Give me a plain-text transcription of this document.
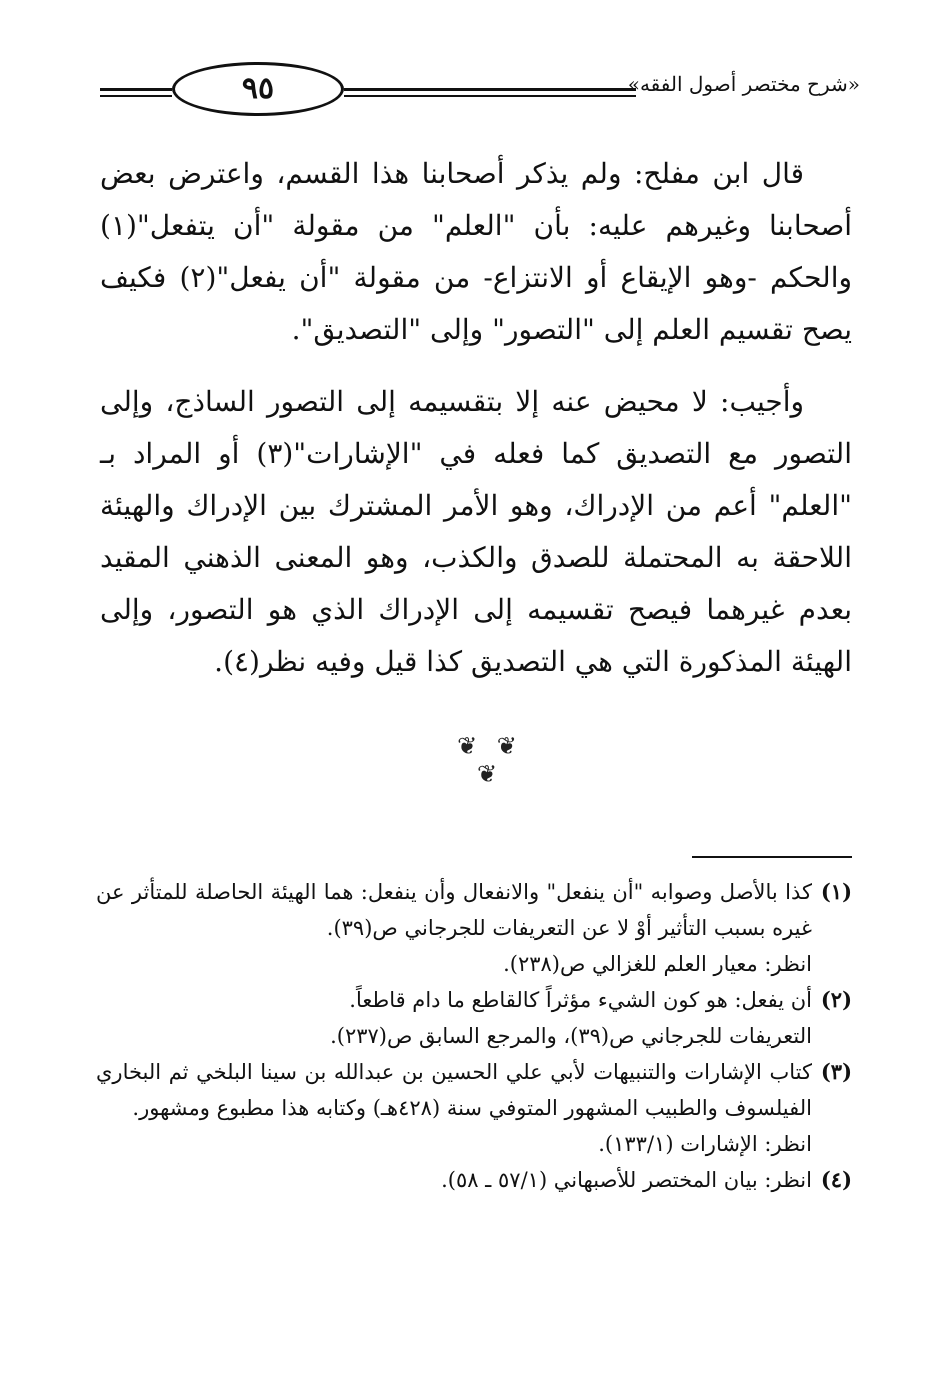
٩٥	«شرح مختصر أصول الفقه»

قال ابن مفلح: ولم يذكر أصحابنا هذا القسم، واعترض بعض أصحابنا وغيرهم عليه: بأن "العلم" من مقولة "أن يتفعل"(١) والحكم -وهو الإيقاع أو الانتزاع- من مقولة "أن يفعل"(٢) فكيف يصح تقسيم العلم إلى "التصور" وإلى "التصديق".

وأجيب: لا محيض عنه إلا بتقسيمه إلى التصور الساذج، وإلى التصور مع التصديق كما فعله في "الإشارات"(٣) أو المراد بـ "العلم" أعم من الإدراك، وهو الأمر المشترك بين الإدراك والهيئة اللاحقة به المحتملة للصدق والكذب، وهو المعنى الذهني المقيد بعدم غيرهما فيصح تقسيمه إلى الإدراك الذي هو التصور، وإلى الهيئة المذكورة التي هي التصديق كذا قيل وفيه نظر(٤).

❦ ❦ ❦
(١)
كذا بالأصل وصوابه "أن ينفعل" والانفعال وأن ينفعل: هما الهيئة الحاصلة للمتأثر عن غيره بسبب التأثير أوْ لا عن التعريفات للجرجاني ص(٣٩).
انظر: معيار العلم للغزالي ص(٢٣٨).
(٢)
أن يفعل: هو كون الشيء مؤثراً كالقاطع ما دام قاطعاً.
التعريفات للجرجاني ص(٣٩)، والمرجع السابق ص(٢٣٧).
(٣)
كتاب الإشارات والتنبيهات لأبي علي الحسين بن عبدالله بن سينا البلخي ثم البخاري الفيلسوف والطبيب المشهور المتوفي سنة (٤٢٨هـ) وكتابه هذا مطبوع ومشهور.
انظر: الإشارات (١٣٣/١).
(٤)
انظر: بيان المختصر للأصبهاني (٥٧/١ ـ ٥٨).
